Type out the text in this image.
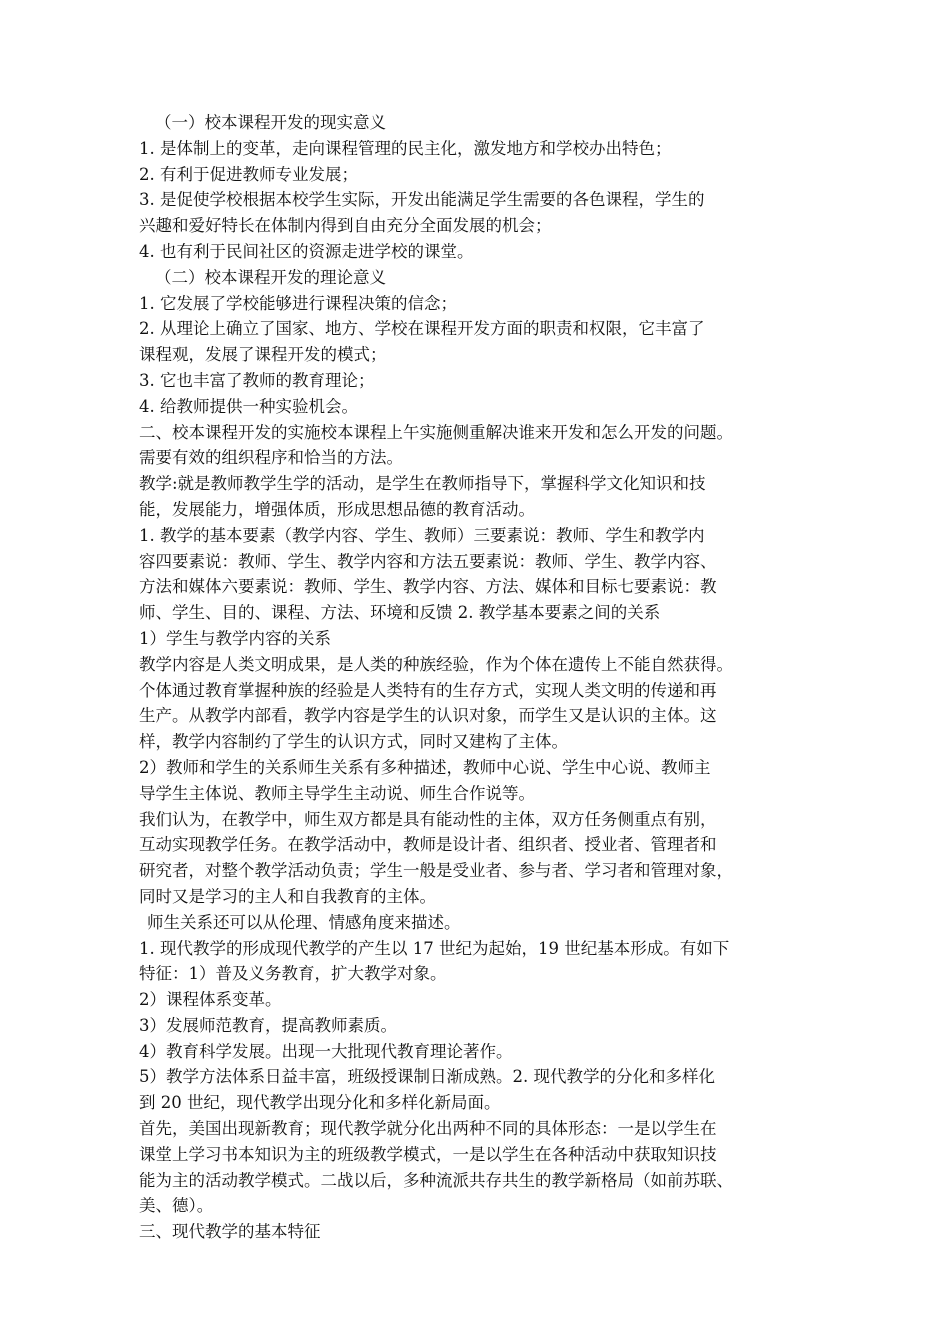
（一）校本课程开发的现实意义

1. 是体制上的变革，走向课程管理的民主化，激发地方和学校办出特色；

2. 有利于促进教师专业发展；

3. 是促使学校根据本校学生实际，开发出能满足学生需要的各色课程，学生的

兴趣和爱好特长在体制内得到自由充分全面发展的机会；

4. 也有利于民间社区的资源走进学校的课堂。

（二）校本课程开发的理论意义

1. 它发展了学校能够进行课程决策的信念；

2. 从理论上确立了国家、地方、学校在课程开发方面的职责和权限，它丰富了

课程观，发展了课程开发的模式；

3. 它也丰富了教师的教育理论；

4. 给教师提供一种实验机会。

二、校本课程开发的实施校本课程上午实施侧重解决谁来开发和怎么开发的问题。

需要有效的组织程序和恰当的方法。

教学:就是教师教学生学的活动，是学生在教师指导下，掌握科学文化知识和技

能，发展能力，增强体质，形成思想品德的教育活动。

1. 教学的基本要素（教学内容、学生、教师）三要素说：教师、学生和教学内

容四要素说：教师、学生、教学内容和方法五要素说：教师、学生、教学内容、

方法和媒体六要素说：教师、学生、教学内容、方法、媒体和目标七要素说：教

师、学生、目的、课程、方法、环境和反馈 2. 教学基本要素之间的关系

1）学生与教学内容的关系

教学内容是人类文明成果，是人类的种族经验，作为个体在遗传上不能自然获得。

个体通过教育掌握种族的经验是人类特有的生存方式，实现人类文明的传递和再

生产。从教学内部看，教学内容是学生的认识对象，而学生又是认识的主体。这

样，教学内容制约了学生的认识方式，同时又建构了主体。

2）教师和学生的关系师生关系有多种描述，教师中心说、学生中心说、教师主

导学生主体说、教师主导学生主动说、师生合作说等。

我们认为，在教学中，师生双方都是具有能动性的主体，双方任务侧重点有别，

互动实现教学任务。在教学活动中，教师是设计者、组织者、授业者、管理者和

研究者，对整个教学活动负责；学生一般是受业者、参与者、学习者和管理对象，

同时又是学习的主人和自我教育的主体。

师生关系还可以从伦理、情感角度来描述。

1. 现代教学的形成现代教学的产生以 17 世纪为起始，19 世纪基本形成。有如下

特征：1）普及义务教育，扩大教学对象。

2）课程体系变革。

3）发展师范教育，提高教师素质。

4）教育科学发展。出现一大批现代教育理论著作。

5）教学方法体系日益丰富，班级授课制日渐成熟。2. 现代教学的分化和多样化

到 20 世纪，现代教学出现分化和多样化新局面。

首先，美国出现新教育；现代教学就分化出两种不同的具体形态：一是以学生在

课堂上学习书本知识为主的班级教学模式，一是以学生在各种活动中获取知识技

能为主的活动教学模式。二战以后，多种流派共存共生的教学新格局（如前苏联、

美、德）。

三、现代教学的基本特征
